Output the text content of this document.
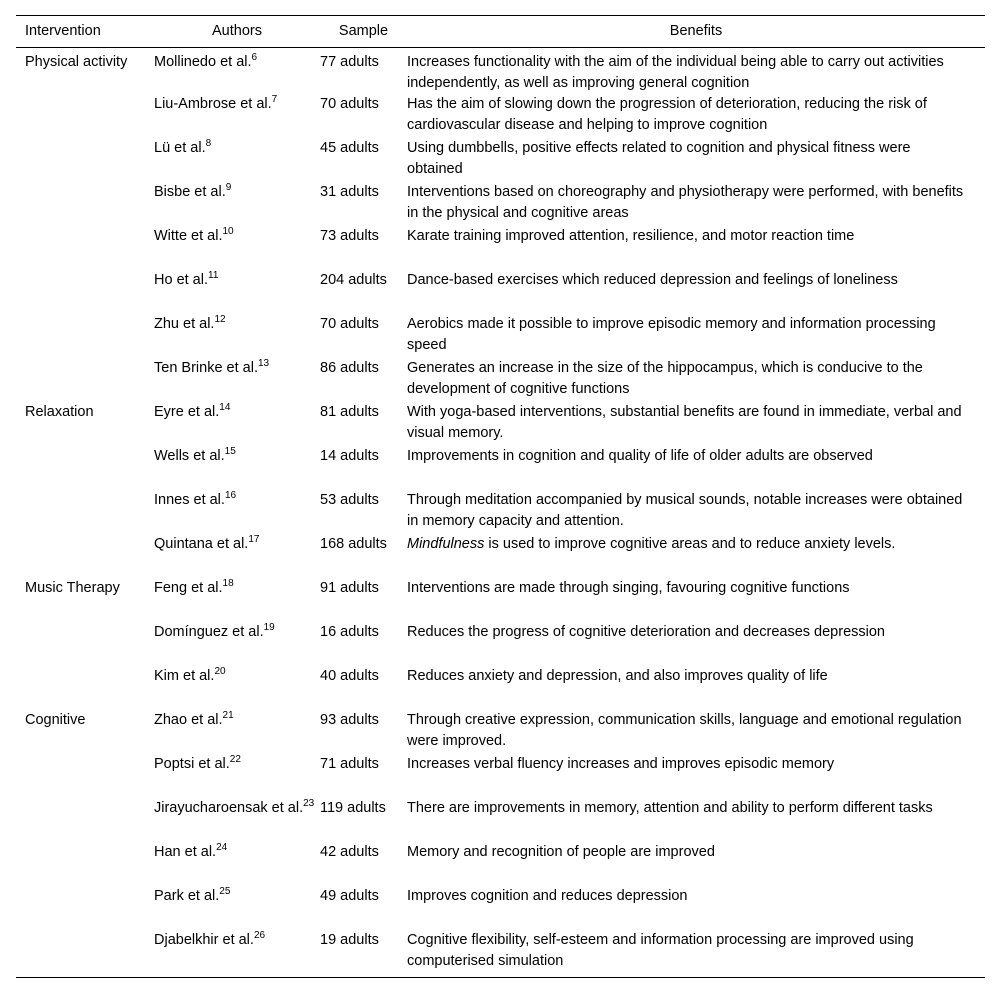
Intervention	Authors	Sample	Benefits
Physical activity	Mollinedo et al.$^6$	77 adults	Increases functionality with the aim of the individual being able to carry out activities independently, as well as improving general cognition
	Liu-Ambrose et al.$^7$	70 adults	Has the aim of slowing down the progression of deterioration, reducing the risk of cardiovascular disease and helping to improve cognition
	Lü et al.$^8$	45 adults	Using dumbbells, positive effects related to cognition and physical fitness were obtained
	Bisbe et al.$^9$	31 adults	Interventions based on choreography and physiotherapy were performed, with benefits in the physical and cognitive areas
	Witte et al.$^{10}$	73 adults	Karate training improved attention, resilience, and motor reaction time
	Ho et al.$^{11}$	204 adults	Dance-based exercises which reduced depression and feelings of loneliness
	Zhu et al.$^{12}$	70 adults	Aerobics made it possible to improve episodic memory and information processing speed
	Ten Brinke et al.$^{13}$	86 adults	Generates an increase in the size of the hippocampus, which is conducive to the development of cognitive functions
Relaxation	Eyre et al.$^{14}$	81 adults	With yoga-based interventions, substantial benefits are found in immediate, verbal and visual memory.
	Wells et al.$^{15}$	14 adults	Improvements in cognition and quality of life of older adults are observed
	Innes et al.$^{16}$	53 adults	Through meditation accompanied by musical sounds, notable increases were obtained in memory capacity and attention.
	Quintana et al.$^{17}$	168 adults	Mindfulness is used to improve cognitive areas and to reduce anxiety levels.
Music Therapy	Feng et al.$^{18}$	91 adults	Interventions are made through singing, favouring cognitive functions
	Domínguez et al.$^{19}$	16 adults	Reduces the progress of cognitive deterioration and decreases depression
	Kim et al.$^{20}$	40 adults	Reduces anxiety and depression, and also improves quality of life
Cognitive	Zhao et al.$^{21}$	93 adults	Through creative expression, communication skills, language and emotional regulation were improved.
	Poptsi et al.$^{22}$	71 adults	Increases verbal fluency increases and improves episodic memory
	Jirayucharoensak et al.$^{23}$	119 adults	There are improvements in memory, attention and ability to perform different tasks
	Han et al.$^{24}$	42 adults	Memory and recognition of people are improved
	Park et al.$^{25}$	49 adults	Improves cognition and reduces depression
	Djabelkhir et al.$^{26}$	19 adults	Cognitive flexibility, self-esteem and information processing are improved using computerised simulation
